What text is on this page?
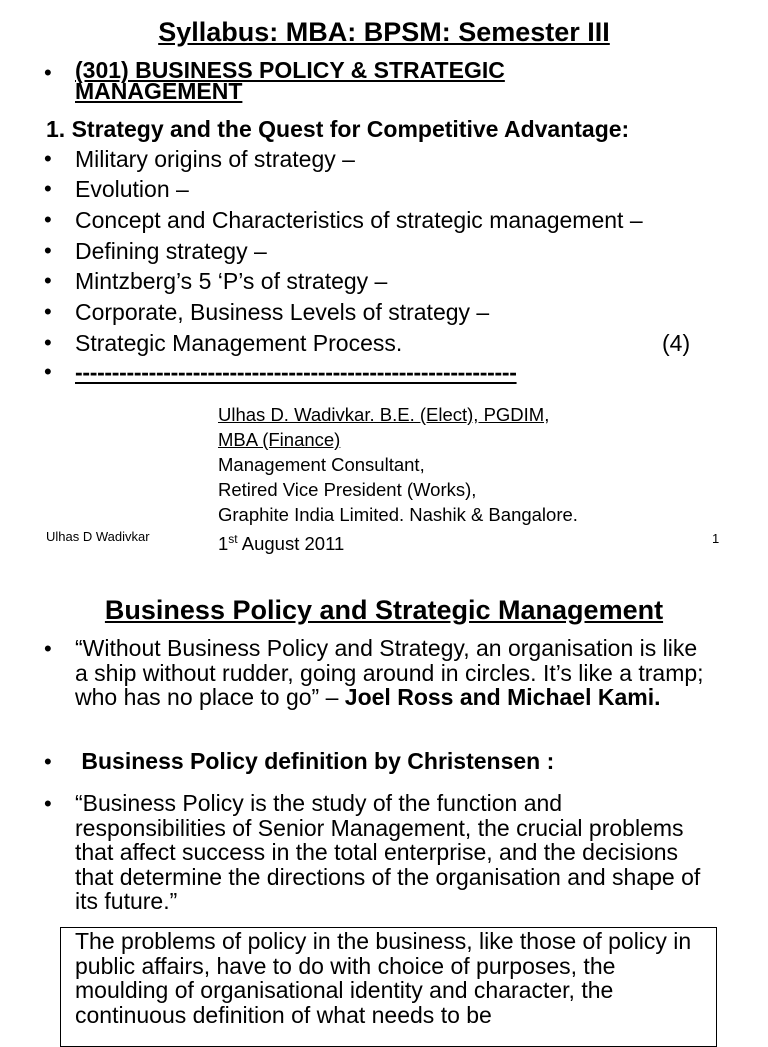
Syllabus: MBA: BPSM: Semester III
• (301) BUSINESS POLICY & STRATEGIC MANAGEMENT
1. Strategy and the Quest for Competitive Advantage:
• Military origins of strategy –
• Evolution –
• Concept and Characteristics of strategic management –
• Defining strategy –
• Mintzberg’s 5 ‘P’s of strategy –
• Corporate, Business Levels of strategy –
• Strategic Management Process.	(4)
• ------------------------------------------------------------
Ulhas D. Wadivkar. B.E. (Elect), PGDIM,
MBA (Finance)
Management Consultant,
Retired Vice President (Works),
Graphite India Limited. Nashik & Bangalore.
1st August 2011
Ulhas D Wadivkar	1
Business Policy and Strategic Management
• “Without Business Policy and Strategy, an organisation is like a ship without rudder, going around in circles. It’s like a tramp; who has no place to go” – Joel Ross and Michael Kami.
• Business Policy definition by Christensen :
• “Business Policy is the study of the function and responsibilities of Senior Management, the crucial problems that affect success in the total enterprise, and the decisions that determine the directions of the organisation and shape of its future.”
The problems of policy in the business, like those of policy in public affairs, have to do with choice of purposes, the moulding of organisational identity and character, the continuous definition of what needs to be
